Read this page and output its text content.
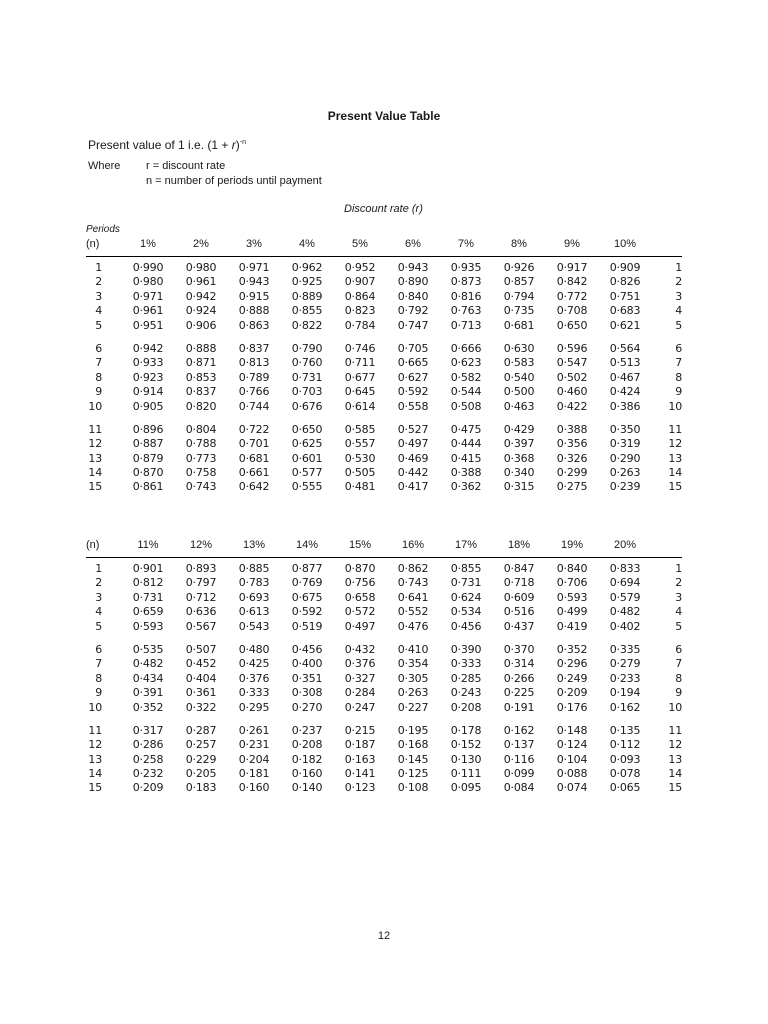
Present Value Table
Present value of 1 i.e. $(1 + r)^{-n}$
Where r = discount rate
n = number of periods until payment
Discount rate (r)
Periods
(n)	1%	2%	3%	4%	5%	6%	7%	8%	9%	10%
1	0·990	0·980	0·971	0·962	0·952	0·943	0·935	0·926	0·917	0·909	1
2	0·980	0·961	0·943	0·925	0·907	0·890	0·873	0·857	0·842	0·826	2
3	0·971	0·942	0·915	0·889	0·864	0·840	0·816	0·794	0·772	0·751	3
4	0·961	0·924	0·888	0·855	0·823	0·792	0·763	0·735	0·708	0·683	4
5	0·951	0·906	0·863	0·822	0·784	0·747	0·713	0·681	0·650	0·621	5
6	0·942	0·888	0·837	0·790	0·746	0·705	0·666	0·630	0·596	0·564	6
7	0·933	0·871	0·813	0·760	0·711	0·665	0·623	0·583	0·547	0·513	7
8	0·923	0·853	0·789	0·731	0·677	0·627	0·582	0·540	0·502	0·467	8
9	0·914	0·837	0·766	0·703	0·645	0·592	0·544	0·500	0·460	0·424	9
10	0·905	0·820	0·744	0·676	0·614	0·558	0·508	0·463	0·422	0·386	10
11	0·896	0·804	0·722	0·650	0·585	0·527	0·475	0·429	0·388	0·350	11
12	0·887	0·788	0·701	0·625	0·557	0·497	0·444	0·397	0·356	0·319	12
13	0·879	0·773	0·681	0·601	0·530	0·469	0·415	0·368	0·326	0·290	13
14	0·870	0·758	0·661	0·577	0·505	0·442	0·388	0·340	0·299	0·263	14
15	0·861	0·743	0·642	0·555	0·481	0·417	0·362	0·315	0·275	0·239	15
(n)	11%	12%	13%	14%	15%	16%	17%	18%	19%	20%
1	0·901	0·893	0·885	0·877	0·870	0·862	0·855	0·847	0·840	0·833	1
2	0·812	0·797	0·783	0·769	0·756	0·743	0·731	0·718	0·706	0·694	2
3	0·731	0·712	0·693	0·675	0·658	0·641	0·624	0·609	0·593	0·579	3
4	0·659	0·636	0·613	0·592	0·572	0·552	0·534	0·516	0·499	0·482	4
5	0·593	0·567	0·543	0·519	0·497	0·476	0·456	0·437	0·419	0·402	5
6	0·535	0·507	0·480	0·456	0·432	0·410	0·390	0·370	0·352	0·335	6
7	0·482	0·452	0·425	0·400	0·376	0·354	0·333	0·314	0·296	0·279	7
8	0·434	0·404	0·376	0·351	0·327	0·305	0·285	0·266	0·249	0·233	8
9	0·391	0·361	0·333	0·308	0·284	0·263	0·243	0·225	0·209	0·194	9
10	0·352	0·322	0·295	0·270	0·247	0·227	0·208	0·191	0·176	0·162	10
11	0·317	0·287	0·261	0·237	0·215	0·195	0·178	0·162	0·148	0·135	11
12	0·286	0·257	0·231	0·208	0·187	0·168	0·152	0·137	0·124	0·112	12
13	0·258	0·229	0·204	0·182	0·163	0·145	0·130	0·116	0·104	0·093	13
14	0·232	0·205	0·181	0·160	0·141	0·125	0·111	0·099	0·088	0·078	14
15	0·209	0·183	0·160	0·140	0·123	0·108	0·095	0·084	0·074	0·065	15
12
